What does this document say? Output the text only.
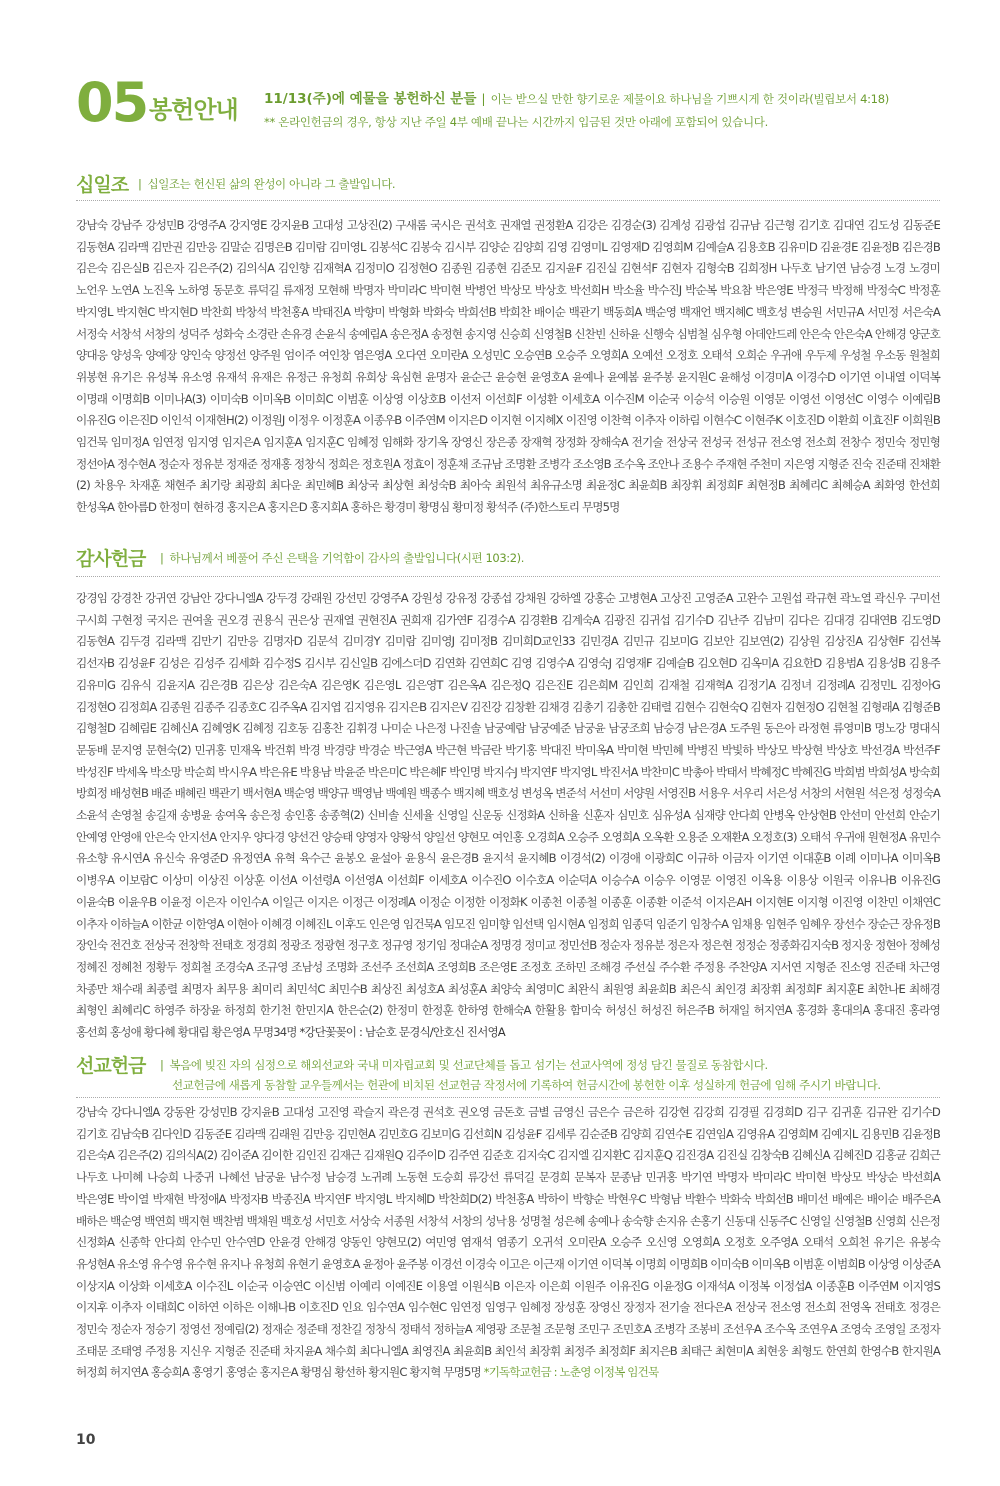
05 봉헌안내 11/13(주)에 예물을 봉헌하신 분들 | 이는 받으실 만한 향기로운 제물이요 하나님을 기쁘시게 한 것이라(빌립보서 4:18)
** 온라인헌금의 경우, 항상 지난 주일 4부 예배 끝나는 시간까지 입금된 것만 아래에 포함되어 있습니다.
십일조 | 십일조는 헌신된 삶의 완성이 아니라 그 출발입니다.
강남숙 강남주 강성민B 강영주A 강지영E 강지윤B 고대성 고상진(2) 구새롬 국시은 권석호 권재열 권정환A 김강은 김경순(3) 김계성 김광섭 김규남 김근형 김기호 김대연 김도성 김동준E 김동현A 김라맥 김만권 김만응 김말순 김명은B 김미람 김미영L 김봉석C 김봉숙 김시부 김양순 김양희 김영 김영미L 김영재D 김영희M 김예슬A 김용호B 김유미D 김윤경E 김윤정B 김은경B 김은숙 김은실B 김은자 김은주(2) 김의식A 김인향 김재혁A 김정미O 김정현O 김종원 김종현 김준모 김지윤F 김진실 김현석F 김현자 김형숙B 김희정H 나두호 남기연 남승경 노경 노경미 노언우 노연A 노진옥 노하영 동문호 류덕길 류재정 모현해 박명자 박미라C 박미현 박병언 박상모 박상호 박선희H 박소율 박수진J 박순복 박요참 박은영E 박정극 박정해 박정숙C 박정훈 박지영L 박지현C 박지현D 박찬희 박창석 박천홍A 박태진A 박향미 박형화 박화숙 박희선B 박희찬 배이순 백관기 백동희A 백순영 백재언 백지혜C 백호성 변승원 서민규A 서민정 서은숙A 서정숙 서창석 서창의 성덕주 성화숙 소경란 손유경 손윤식 송예림A 송은정A 송정현 송지영 신승희 신영철B 신찬빈 신하윤 신행숙 심범철 심우형 아데안드레 안은숙 안은숙A 안해경 양군호 양대응 양성욱 양예장 양인숙 양정선 양주원 엄이주 여인창 염은영A 오다연 오미란A 오성민C 오승연B 오승주 오영희A 오예선 오정호 오태석 오희순 우귀애 우두제 우성철 우소동 원철희 위봉현 유기은 유성복 유소영 유재석 유재은 유정근 유청희 유희상 육심현 윤명자 윤순근 윤승현 윤영호A 윤예나 윤예봄 윤주봉 윤지원C 윤해성 이경미A 이경수D 이기연 이내열 이덕복 이명래 이명희B 이미나A(3) 이미숙B 이미옥B 이미희C 이범훈 이상영 이상호B 이선저 이선희F 이성환 이세호A 이수진M 이순국 이승석 이승원 이영문 이영선 이영선C 이영수 이예림B 이유진G 이은진D 이인석 이재현H(2) 이정원J 이정우 이정훈A 이종우B 이주연M 이지은D 이지현 이지혜X 이진영 이찬혁 이추자 이하림 이현수C 이현주K 이호진D 이환희 이효진F 이희원B 임건묵 임미정A 임연정 임지영 임지은A 임지훈A 임지훈C 임혜정 임해화 장기옥 장영신 장은종 장재혁 장정화 장해숙A 전기술 전상국 전성국 전성규 전소영 전소희 전창수 정민숙 정민형 정선아A 정수현A 정순자 정유분 정재준 정재홍 정창식 정희은 정호원A 정효이 정훈채 조규남 조명환 조병각 조소영B 조수옥 조안나 조용수 주재현 주천미 지은영 지형준 진숙 진준태 진채환(2) 차용우 차재훈 채현주 최기랑 최광희 최다운 최민혜B 최상국 최상현 최성숙B 최아숙 최원석 최유규소명 최윤정C 최윤희B 최장휘 최정희F 최현정B 최혜리C 최혜승A 최화영 한선희 한성옥A 한아름D 한정미 현하경 홍지은A 홍지은D 홍지희A 홍하은 황경미 황명심 황미정 황석주 (주)한스토리 무명5명
감사헌금 | 하나님께서 베풀어 주신 은택을 기억함이 감사의 출발입니다(시편 103:2).
강경임 강경찬 강귀연 강남안 강다니엘A 강두경 강래원 강선민 강영주A 강원성 강유정 강종섭 강채원 강하엘 강홍순 고병현A 고상진 고영준A 고완수 고원섭 곽규현 곽노열 곽신우 구미선 구시희 구현정 국지은 권여울 권오경 권용식 권은상 권재열 권현진A 권희재 김가연F 김경수A 김경환B 김계숙A 김광진 김귀섭 김기수D 김난주 김남미 김다은 김대경 김대연B 김도영D 김동현A 김두경 김라맥 김만기 김만응 김명자D 김문석 김미경Y 김미람 김미영J 김미정B 김미희D교인33 김민경A 김민규 김보미G 김보안 김보연(2) 김상원 김상진A 김상현F 김선복 김선자B 김성윤F 김성은 김성주 김세화 김수정S 김시부 김신일B 김에스더D 김연화 김연희C 김영 김영수A 김영숙J 김영재F 김예슬B 김오현D 김옥미A 김요한D 김용범A 김용성B 김용주 김유미G 김유식 김윤지A 김은경B 김은상 김은숙A 김은영K 김은영L 김은영T 김은옥A 김은정Q 김은진E 김은희M 김인희 김재철 김재혁A 김정기A 김정녀 김정례A 김정민L 김정아G 김정현O 김정희A 김종원 김종주 김종호C 김주옥A 김지엽 김지영유 김지은B 김지은V 김진강 김창환 김채경 김총기 김총한 김태렬 김현수 김현숙Q 김현자 김현정O 김현철 김형래A 김형준B 김형철D 김혜림E 김혜신A 김혜영K 김혜정 김호동 김홍찬 김휘경 나미순 나은정 나진솔 남궁예람 남궁예준 남궁윤 남궁조희 남승경 남은경A 도주원 동은아 라정현 류영미B 명노강 명대식 문동배 문지영 문현숙(2) 민귀홍 민재옥 박건휘 박경 박경량 박경순 박근영A 박근현 박금란 박기홍 박대진 박미옥A 박미현 박민혜 박병진 박빛하 박상모 박상현 박상호 박선경A 박선주F 박성진F 박세옥 박소망 박순희 박시우A 박은유E 박용남 박윤준 박은미C 박은혜F 박인명 박지수J 박지연F 박지영L 박진서A 박찬미C 박총아 박태서 박혜정C 박혜진G 박희범 박희성A 방숙희 방희정 배성현B 배준 배혜린 백관기 백서현A 백순영 백양규 백영남 백예원 백종수 백지혜 백호성 변성옥 변준석 서선미 서양원 서영진B 서용우 서우리 서은성 서창의 서현원 석은정 성정숙A 소윤석 손영철 송길재 송병윤 송여옥 송은정 송인홍 송종혁(2) 신비솔 신세율 신영일 신운동 신정화A 신하율 신훈자 심민호 심유성A 심재량 안다희 안병옥 안상현B 안선미 안선희 안순기 안예영 안영애 안은숙 안지선A 안지우 양다경 양선건 양승태 양영자 양왕석 양일선 양현모 여인홍 오경희A 오승주 오영희A 오옥환 오용준 오재환A 오정호(3) 오태석 우귀애 원현정A 유민수 유소향 유시연A 유신숙 유영준D 유정연A 유혁 육수근 윤봉오 윤설아 윤용식 윤은경B 윤지석 윤지혜B 이경석(2) 이경애 이광희C 이규하 이금자 이기연 이대훈B 이례 이미나A 이미옥B 이병우A 이보람C 이상미 이상진 이상훈 이선A 이선령A 이선영A 이선희F 이세호A 이수진O 이수호A 이순덕A 이승수A 이승우 이영문 이영진 이옥용 이용상 이원국 이유나B 이유진G 이윤숙B 이윤우B 이윤정 이은자 이인수A 이일근 이지은 이정근 이정례A 이정순 이정한 이정화K 이종천 이종철 이종훈 이종환 이준석 이지은AH 이지현E 이지형 이진영 이찬민 이채연C 이추자 이하늘A 이한균 이한영A 이현아 이혜경 이혜진L 이후도 인은영 임건묵A 임모진 임미향 임선택 임시현A 임정희 임종덕 임준기 임창수A 임채용 임현주 임혜우 장선수 장순근 장유정B 장인숙 전건호 전상국 전창학 전태호 정경희 정광조 정광현 정구호 정규영 정기임 정대순A 정명경 정미교 정민선B 정순자 정유분 정은자 정은현 정정순 정종화김지숙B 정지웅 정현아 정혜성 정혜진 정혜천 정황두 정희철 조경숙A 조규영 조남성 조명화 조선주 조선희A 조영희B 조은영E 조정호 조하민 조해경 주선실 주수환 주정용 주찬양A 지서연 지형준 진소영 진준태 차근영 차종만 채수래 최종렬 최명자 최무용 최미리 최민석C 최민수B 최상진 최성호A 최성훈A 최양숙 최영미C 최완식 최원영 최윤희B 최은식 최인경 최장휘 최정희F 최지훈E 최한나E 최해경 최형인 최혜리C 하영주 하장윤 하정희 한기천 한민지A 한은순(2) 한정미 한정훈 한하영 한해숙A 한활용 함미숙 허성신 허성진 허은주B 허재일 허지연A 홍경화 홍대의A 홍대진 홍라영 홍선희 홍성애 황다혜 황대림 황은영A 무명34명 *강단꽃꽂이 : 남순호 문경식/안호신 진서영A
선교헌금 | 복음에 빚진 자의 심정으로 해외선교와 국내 미자립교회 및 선교단체를 돕고 섬기는 선교사역에 정성 담긴 물질로 동참합시다.
선교헌금에 새롭게 동참할 교우들께서는 헌관에 비치된 선교헌금 작정서에 기록하여 헌금시간에 봉헌한 이후 성실하게 헌금에 임해 주시기 바랍니다.
강남숙 강다니엘A 강동완 강성민B 강지윤B 고대성 고진영 곽슬지 곽은경 권석호 권오영 금돈호 금별 금영신 금은수 금은하 김강현 김강희 김경필 김경희D 김구 김귀훈 김규완 김기수D 김기호 김남숙B 김다인D 김동준E 김라맥 김래원 김만응 김민현A 김민호G 김보미G 김선희N 김성윤F 김세루 김순준B 김양희 김연수E 김연임A 김영유A 김영희M 김예지L 김용민B 김윤정B 김은숙A 김은주(2) 김의식A(2) 김이준A 김이한 김인진 김재근 김재원Q 김주이D 김주연 김준호 김지숙C 김지엘 김지환C 김지훈Q 김진경A 김진실 김창숙B 김혜신A 김혜진D 김홍균 김희근 나두호 나미혜 나승희 나중귀 나혜선 남궁윤 남수정 남승경 노귀례 노동현 도승희 류강선 류덕길 문경희 문복자 문종남 민귀홍 박기연 박명자 박미라C 박미현 박상모 박상순 박선희A 박은영E 박이열 박재현 박정애A 박정자B 박종진A 박지연F 박지영L 박지혜D 박찬희D(2) 박천홍A 박하이 박향순 박현우C 박형남 박환수 박화숙 박희선B 배미선 배예은 배이순 배주은A 배하은 백순영 백연희 백지현 백찬범 백채원 백호성 서민호 서상숙 서종원 서창석 서창의 성낙용 성명철 성은혜 송예나 송숙향 손지유 손홍기 신동대 신동주C 신영일 신영철B 신영희 신은정 신정화A 신종학 안다희 안수민 안수연D 안윤경 안해경 양동인 양현모(2) 여민영 염재석 염종기 오귀석 오미란A 오승주 오신영 오영희A 오정호 오주영A 오태석 오희천 유기은 유봉숙 유성현A 유소영 유수영 유수현 유지나 유청희 유현기 윤영호A 윤정아 윤주봉 이경선 이경숙 이고은 이근재 이기연 이덕복 이명희 이명희B 이미숙B 이미옥B 이범훈 이범희B 이상영 이상준A 이상지A 이상화 이세호A 이수진L 이순국 이승연C 이신범 이예리 이예진E 이용열 이원식B 이은자 이은희 이원주 이유진G 이윤정G 이재석A 이정복 이정섭A 이종훈B 이주연M 이지영S 이지후 이추자 이태희C 이하연 이하은 이해나B 이호진D 인요 임수연A 임수현C 임연정 임영구 임혜정 장성훈 장영신 장정자 전기술 전다은A 전상국 전소영 전소희 전영옥 전태호 정경은 정민숙 정순자 정승기 정영선 정예림(2) 정재순 정준태 정찬길 정창식 정태석 정하늘A 제영광 조문철 조문형 조민구 조민호A 조병각 조봉비 조선우A 조수옥 조연우A 조영숙 조영일 조정자 조태문 조태영 주정용 지신우 지형준 진준태 차지윤A 채수희 최다니엘A 최영진A 최윤희B 최인석 최장휘 최정주 최정희F 최지은B 최태근 최현미A 최현웅 최형도 한연희 한영수B 한지원A 허정희 허지연A 홍승희A 홍영기 홍영순 홍지은A 황명심 황선하 황지원C 황지혁 무명5명 *기독학교헌금 : 노춘영 이정복 임건묵
10
